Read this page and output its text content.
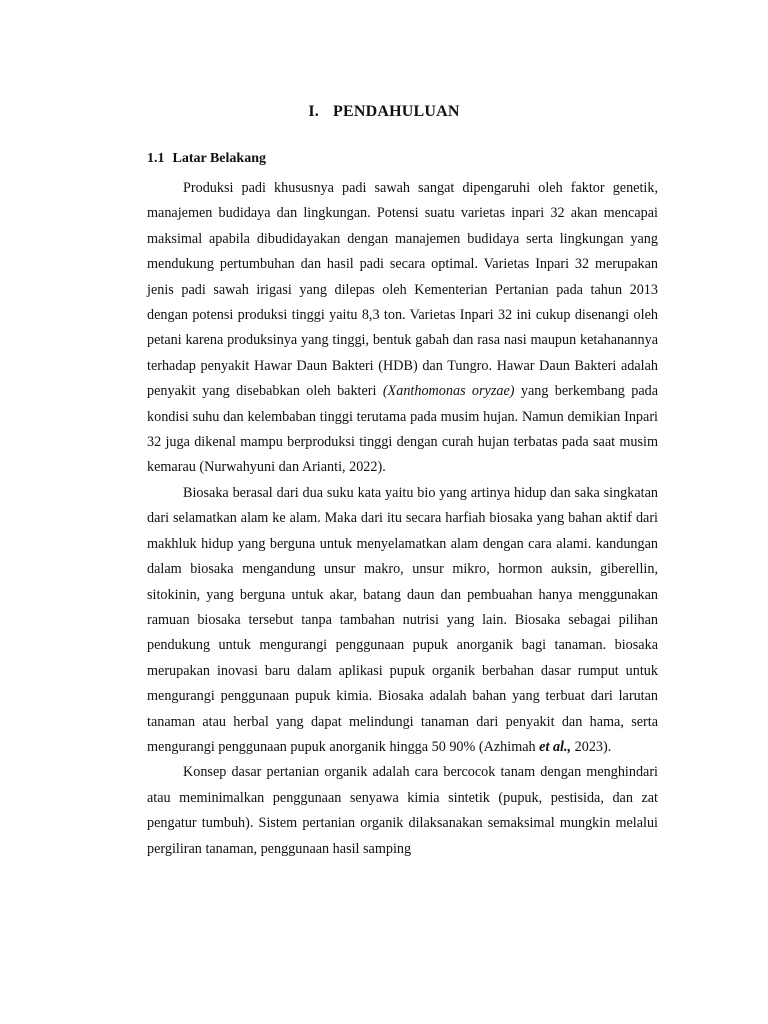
I. PENDAHULUAN
1.1 Latar Belakang

Produksi padi khususnya padi sawah sangat dipengaruhi oleh faktor genetik, manajemen budidaya dan lingkungan. Potensi suatu varietas inpari 32 akan mencapai maksimal apabila dibudidayakan dengan manajemen budidaya serta lingkungan yang mendukung pertumbuhan dan hasil padi secara optimal. Varietas Inpari 32 merupakan jenis padi sawah irigasi yang dilepas oleh Kementerian Pertanian pada tahun 2013 dengan potensi produksi tinggi yaitu 8,3 ton. Varietas Inpari 32 ini cukup disenangi oleh petani karena produksinya yang tinggi, bentuk gabah dan rasa nasi maupun ketahanannya terhadap penyakit Hawar Daun Bakteri (HDB) dan Tungro. Hawar Daun Bakteri adalah penyakit yang disebabkan oleh bakteri (Xanthomonas oryzae) yang berkembang pada kondisi suhu dan kelembaban tinggi terutama pada musim hujan. Namun demikian Inpari 32 juga dikenal mampu berproduksi tinggi dengan curah hujan terbatas pada saat musim kemarau (Nurwahyuni dan Arianti, 2022).

Biosaka berasal dari dua suku kata yaitu bio yang artinya hidup dan saka singkatan dari selamatkan alam ke alam. Maka dari itu secara harfiah biosaka yang bahan aktif dari makhluk hidup yang berguna untuk menyelamatkan alam dengan cara alami. kandungan dalam biosaka mengandung unsur makro, unsur mikro, hormon auksin, giberellin, sitokinin, yang berguna untuk akar, batang daun dan pembuahan hanya menggunakan ramuan biosaka tersebut tanpa tambahan nutrisi yang lain. Biosaka sebagai pilihan pendukung untuk mengurangi penggunaan pupuk anorganik bagi tanaman. biosaka merupakan inovasi baru dalam aplikasi pupuk organik berbahan dasar rumput untuk mengurangi penggunaan pupuk kimia. Biosaka adalah bahan yang terbuat dari larutan tanaman atau herbal yang dapat melindungi tanaman dari penyakit dan hama, serta mengurangi penggunaan pupuk anorganik hingga 50 90% (Azhimah et al., 2023).

Konsep dasar pertanian organik adalah cara bercocok tanam dengan menghindari atau meminimalkan penggunaan senyawa kimia sintetik (pupuk, pestisida, dan zat pengatur tumbuh). Sistem pertanian organik dilaksanakan semaksimal mungkin melalui pergiliran tanaman, penggunaan hasil samping
